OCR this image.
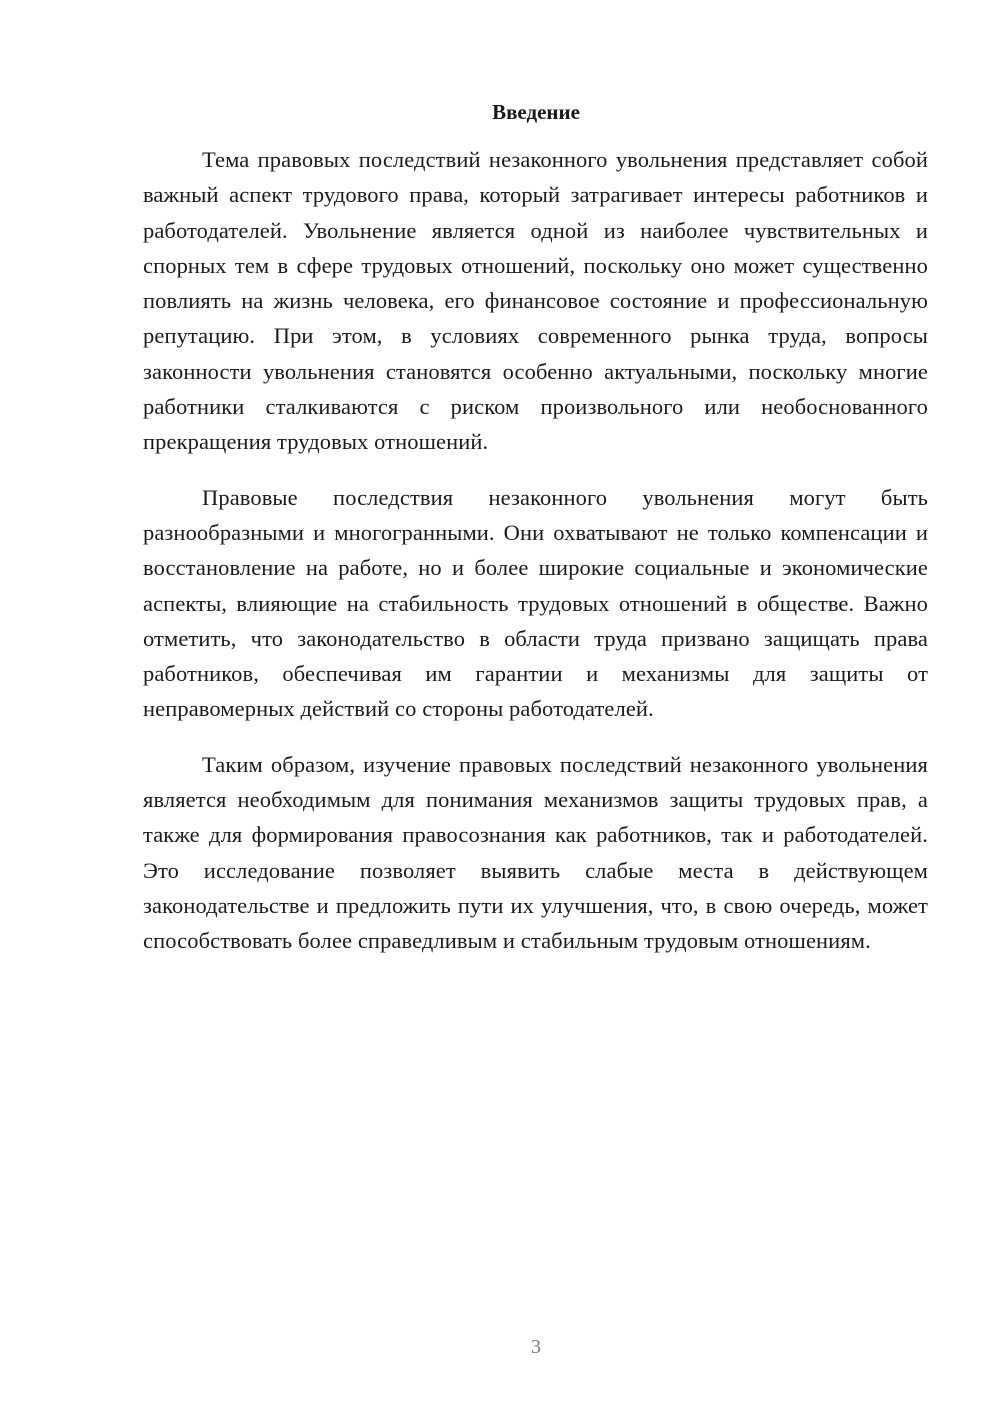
Введение

Тема правовых последствий незаконного увольнения представляет собой важный аспект трудового права, который затрагивает интересы работников и работодателей. Увольнение является одной из наиболее чувствительных и спорных тем в сфере трудовых отношений, поскольку оно может существенно повлиять на жизнь человека, его финансовое состояние и профессиональную репутацию. При этом, в условиях современного рынка труда, вопросы законности увольнения становятся особенно актуальными, поскольку многие работники сталкиваются с риском произвольного или необоснованного прекращения трудовых отношений.

Правовые последствия незаконного увольнения могут быть разнообразными и многогранными. Они охватывают не только компенсации и восстановление на работе, но и более широкие социальные и экономические аспекты, влияющие на стабильность трудовых отношений в обществе. Важно отметить, что законодательство в области труда призвано защищать права работников, обеспечивая им гарантии и механизмы для защиты от неправомерных действий со стороны работодателей.

Таким образом, изучение правовых последствий незаконного увольнения является необходимым для понимания механизмов защиты трудовых прав, а также для формирования правосознания как работников, так и работодателей. Это исследование позволяет выявить слабые места в действующем законодательстве и предложить пути их улучшения, что, в свою очередь, может способствовать более справедливым и стабильным трудовым отношениям.

3
